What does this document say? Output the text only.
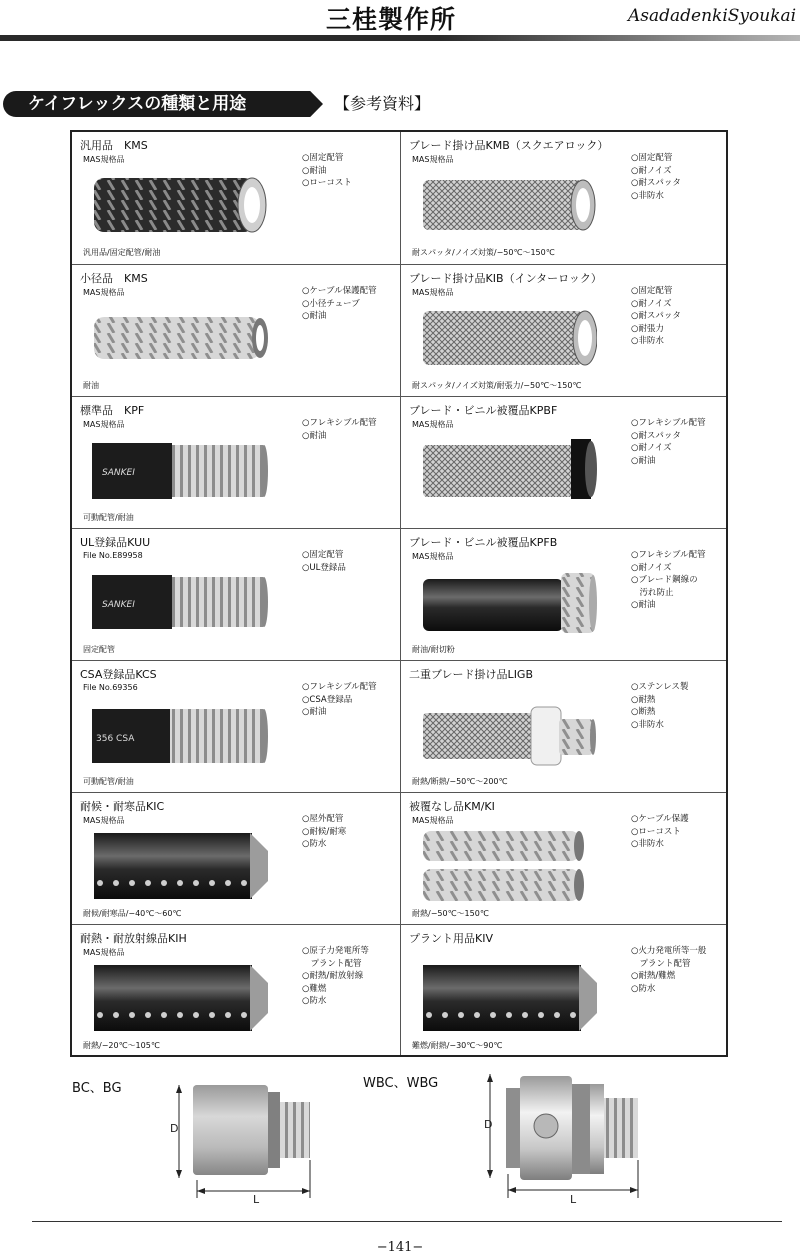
三桂製作所	AsadadenkiSyoukai
ケイフレックスの種類と用途	【参考資料】
汎用品　KMS
MAS規格品
汎用品/固定配管/耐油
○固定配管
○耐油
○ローコスト
ブレード掛け品KMB（スクエアロック）
MAS規格品
耐スパッタ/ノイズ対策/−50℃〜150℃
○固定配管
○耐ノイズ
○耐スパッタ
○非防水
小径品　KMS
MAS規格品
耐油
○ケーブル保護配管
○小径チューブ
○耐油
ブレード掛け品KIB（インターロック）
MAS規格品
耐スパッタ/ノイズ対策/耐張力/−50℃〜150℃
○固定配管
○耐ノイズ
○耐スパッタ
○耐張力
○非防水
標準品　KPF
MAS規格品
SANKEI
可動配管/耐油
○フレキシブル配管
○耐油
ブレード・ビニル被覆品KPBF
MAS規格品	○フレキシブル配管
○耐スパッタ
○耐ノイズ
○耐油
UL登録品KUU
File No.E89958
SANKEI
固定配管
○固定配管
○UL登録品
ブレード・ビニル被覆品KPFB
MAS規格品
耐油/耐切粉
○フレキシブル配管
○耐ノイズ
○ブレード鋼線の
　汚れ防止
○耐油
CSA登録品KCS
File No.69356
356 CSA
可動配管/耐油
○フレキシブル配管
○CSA登録品
○耐油
二重ブレード掛け品LIGB
耐熱/断熱/−50℃〜200℃
○ステンレス製
○耐熱
○断熱
○非防水
耐候・耐寒品KIC
MAS規格品
耐候/耐寒品/−40℃〜60℃
○屋外配管
○耐候/耐寒
○防水
被覆なし品KM/KI
MAS規格品
耐熱/−50℃〜150℃
○ケーブル保護
○ローコスト
○非防水
耐熱・耐放射線品KIH
MAS規格品
耐熱/−20℃〜105℃
○原子力発電所等
　プラント配管
○耐熱/耐放射線
○難燃
○防水
プラント用品KIV
難燃/耐熱/−30℃〜90℃
○火力発電所等一般
　プラント配管
○耐熱/難燃
○防水
BC、BG
D
L
WBC、WBG
D
L
−141−
